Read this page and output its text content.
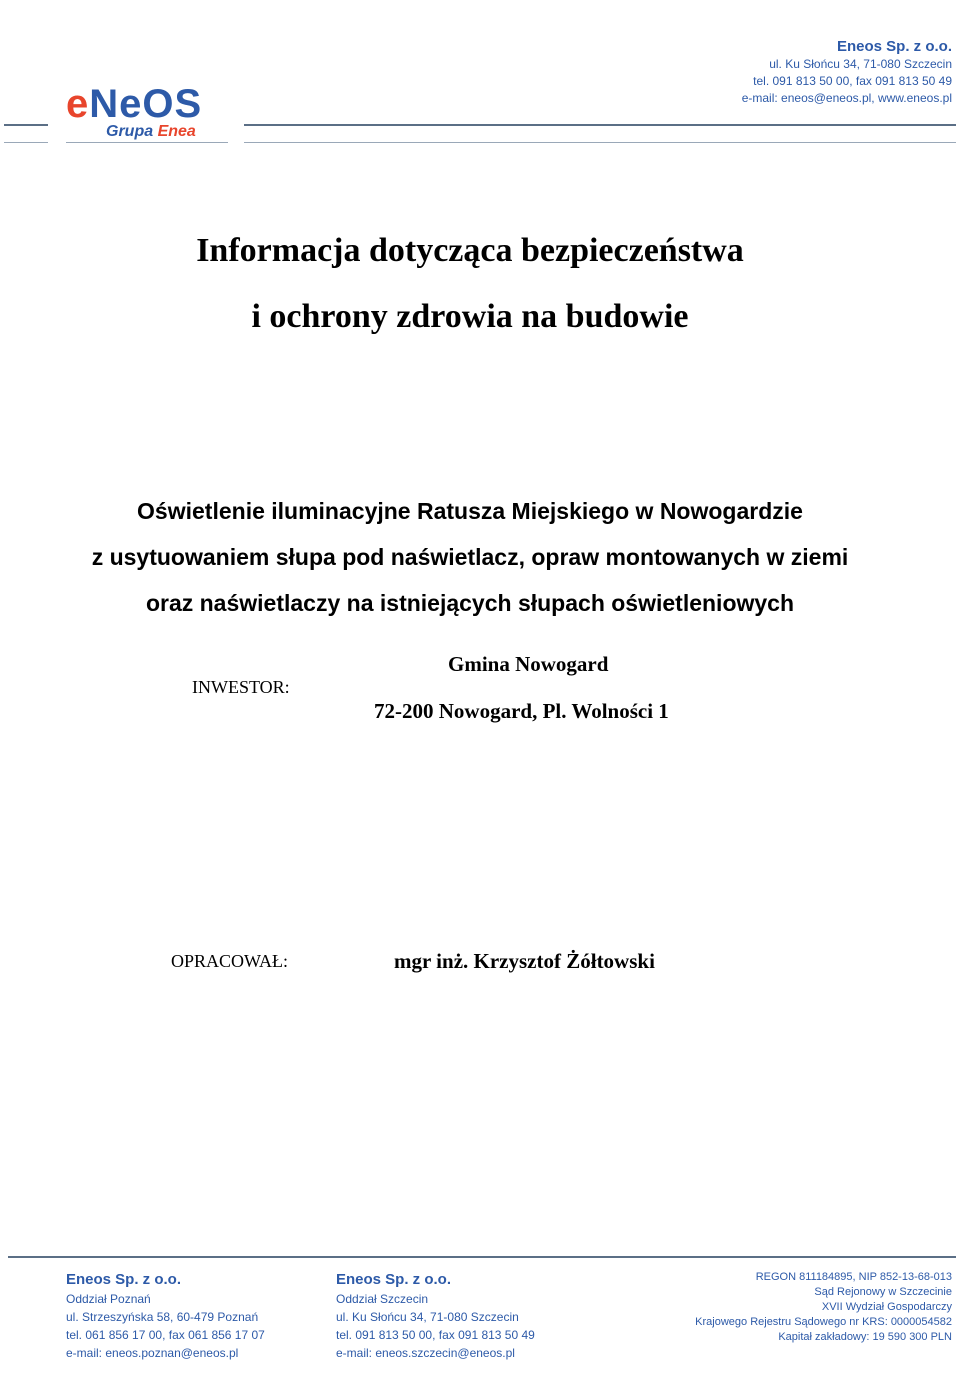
eNeOS
Grupa Enea
Eneos Sp. z o.o.
ul. Ku Słońcu 34, 71-080 Szczecin
tel. 091 813 50 00, fax 091 813 50 49
e-mail: eneos@eneos.pl, www.eneos.pl
Informacja dotycząca bezpieczeństwa
i ochrony zdrowia na budowie
Oświetlenie iluminacyjne Ratusza Miejskiego w Nowogardzie
z usytuowaniem słupa pod naświetlacz, opraw montowanych w ziemi
oraz naświetlaczy na istniejących słupach oświetleniowych
INWESTOR:
Gmina Nowogard
72-200 Nowogard, Pl. Wolności 1
OPRACOWAŁ:	mgr inż. Krzysztof Żółtowski
Eneos Sp. z o.o.
Oddział Poznań
ul. Strzeszyńska 58, 60-479 Poznań
tel. 061 856 17 00, fax 061 856 17 07
e-mail: eneos.poznan@eneos.pl
Eneos Sp. z o.o.
Oddział Szczecin
ul. Ku Słońcu 34, 71-080 Szczecin
tel. 091 813 50 00, fax 091 813 50 49
e-mail: eneos.szczecin@eneos.pl
REGON 811184895, NIP 852-13-68-013
Sąd Rejonowy w Szczecinie
XVII Wydział Gospodarczy
Krajowego Rejestru Sądowego nr KRS: 0000054582
Kapitał zakładowy: 19 590 300 PLN
